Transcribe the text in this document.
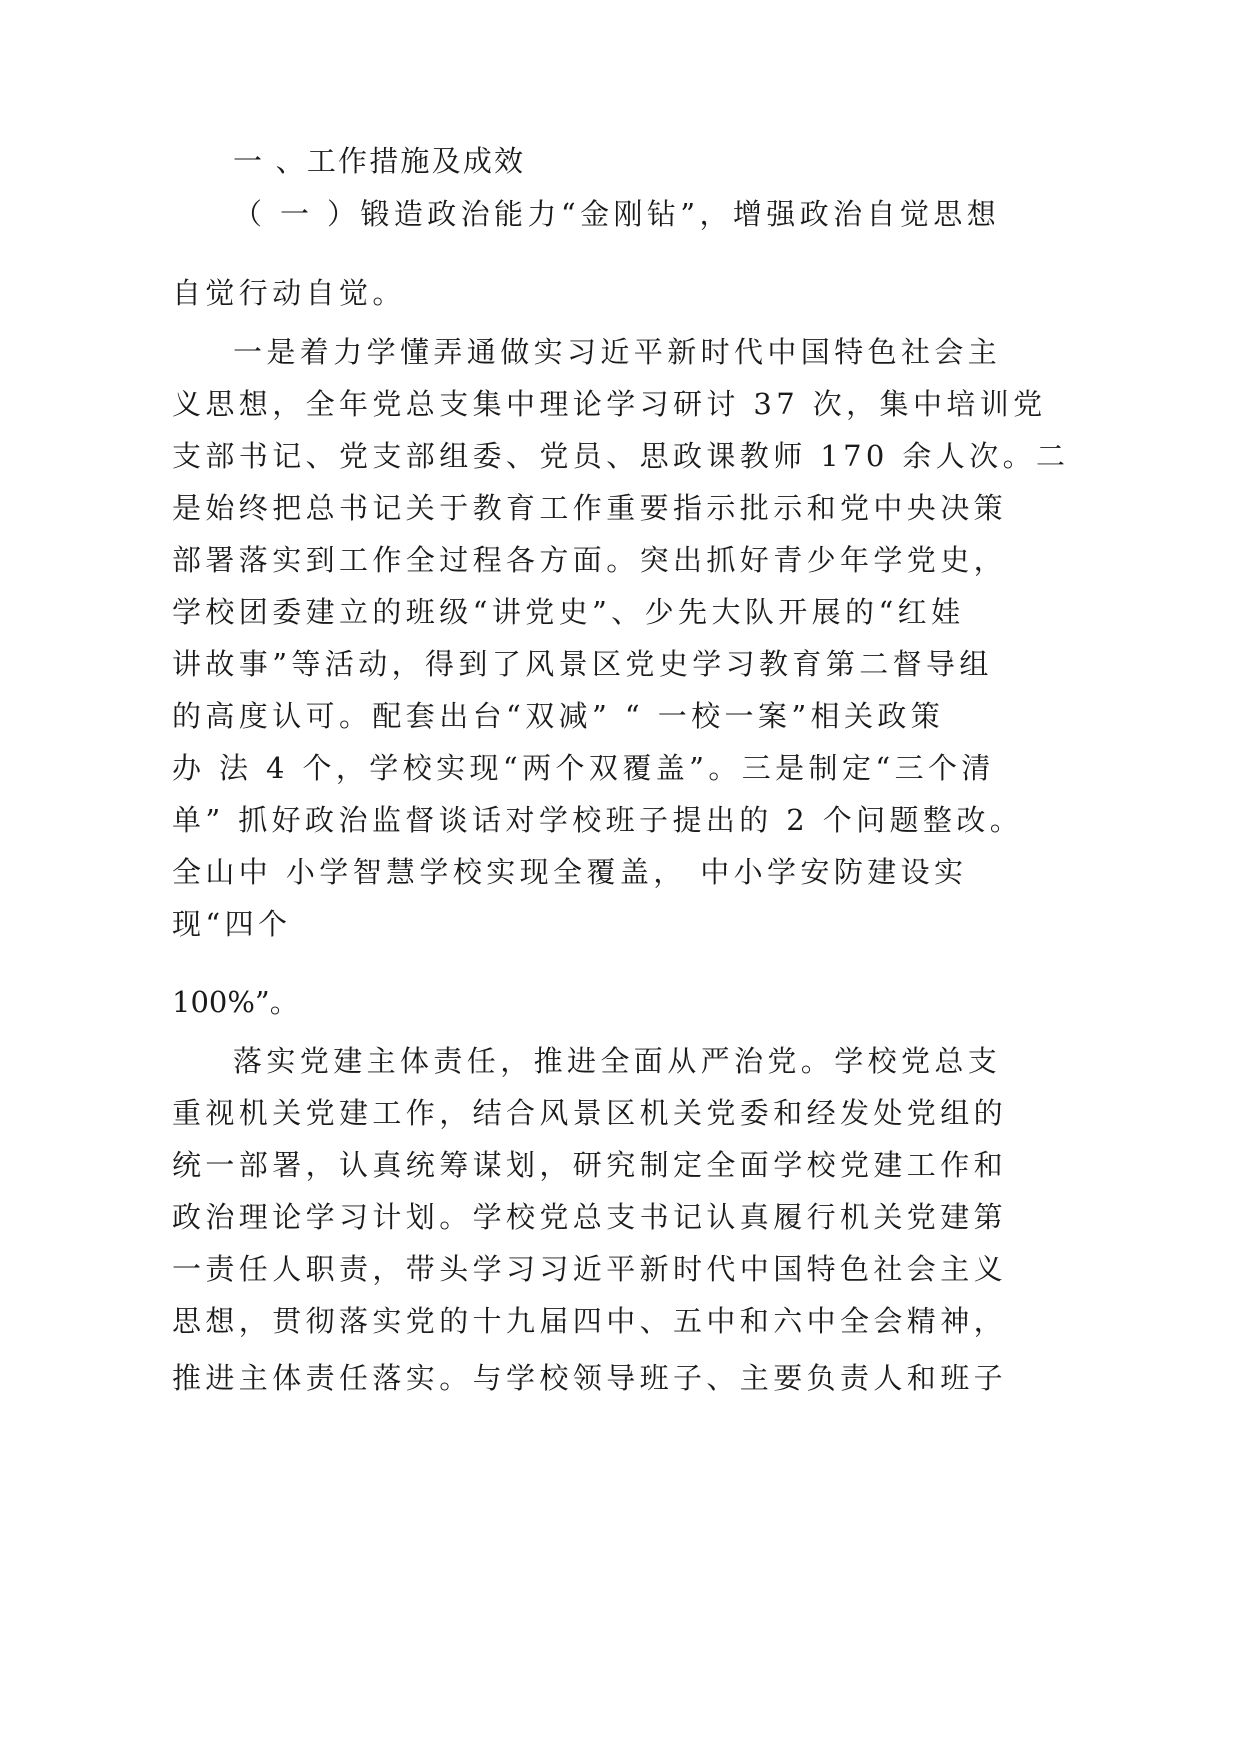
一 、工作措施及成效
（ 一 ）锻造政治能力“金刚钻”，增强政治自觉思想
自觉行动自觉。
一是着力学懂弄通做实习近平新时代中国特色社会主
义思想，全年党总支集中理论学习研讨 37 次，集中培训党
支部书记、党支部组委、党员、思政课教师 170 余人次。二
是始终把总书记关于教育工作重要指示批示和党中央决策
部署落实到工作全过程各方面。突出抓好青少年学党史，
学校团委建立的班级“讲党史”、少先大队开展的“红娃
讲故事”等活动，得到了风景区党史学习教育第二督导组
的高度认可。配套出台“双减” “ 一校一案”相关政策
办 法 4 个，学校实现“两个双覆盖”。三是制定“三个清
单” 抓好政治监督谈话对学校班子提出的 2 个问题整改。
全山中 小学智慧学校实现全覆盖， 中小学安防建设实
现“四个
100%”。
落实党建主体责任，推进全面从严治党。学校党总支
重视机关党建工作，结合风景区机关党委和经发处党组的
统一部署，认真统筹谋划，研究制定全面学校党建工作和
政治理论学习计划。学校党总支书记认真履行机关党建第
一责任人职责，带头学习习近平新时代中国特色社会主义
思想，贯彻落实党的十九届四中、五中和六中全会精神，
推进主体责任落实。与学校领导班子、主要负责人和班子
